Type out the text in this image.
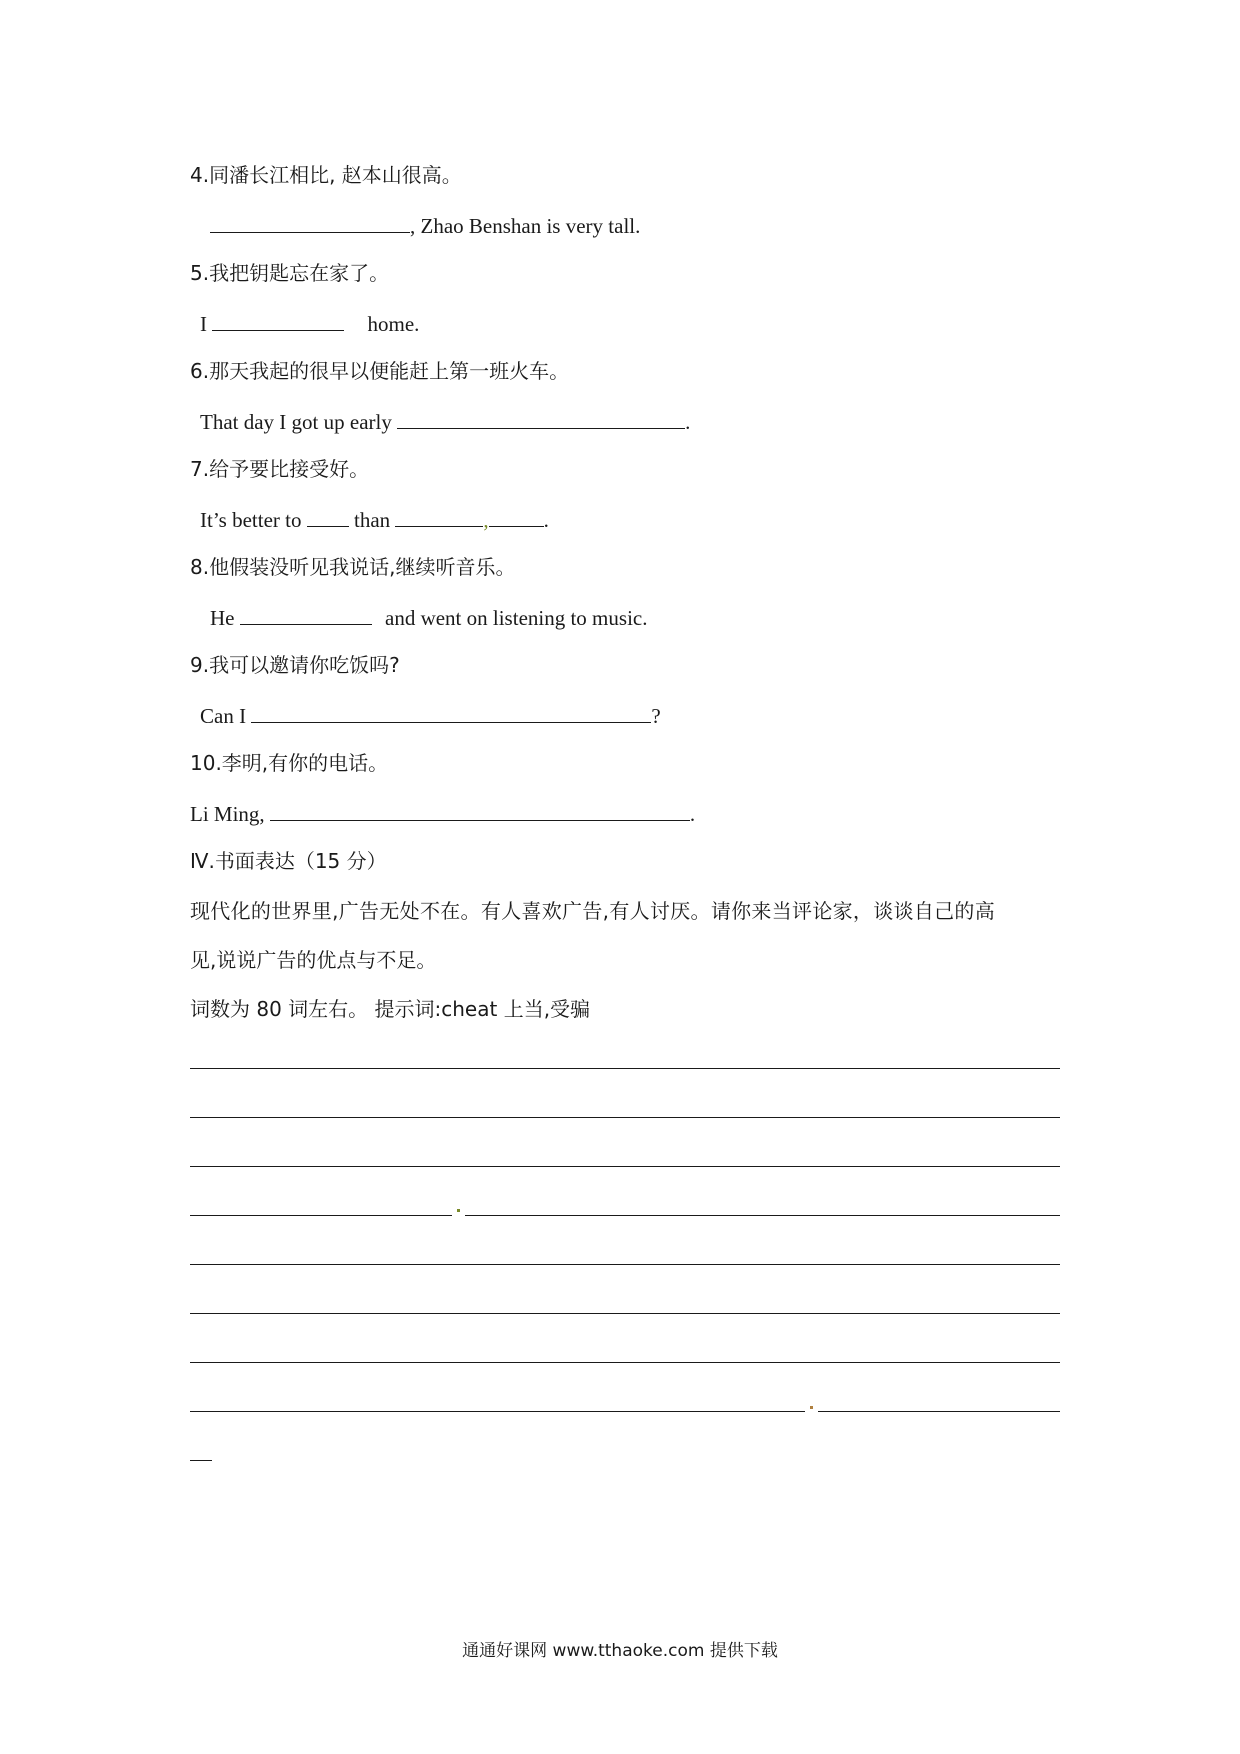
4.同潘长江相比, 赵本山很高。
, Zhao Benshan is very tall.
5.我把钥匙忘在家了。
I	home.
6.那天我起的很早以便能赶上第一班火车。
That day I got up early	.
7.给予要比接受好。
It’s better to	than	,	.
8.他假装没听见我说话,继续听音乐。
He	and went on listening to music.
9.我可以邀请你吃饭吗?
Can I	?
10.李明,有你的电话。
Li Ming,	.
Ⅳ.书面表达（15 分）
现代化的世界里,广告无处不在。有人喜欢广告,有人讨厌。请你来当评论家，谈谈自己的高
见,说说广告的优点与不足。
词数为 80 词左右。 提示词:cheat 上当,受骗
通通好课网 www.tthaoke.com 提供下载
